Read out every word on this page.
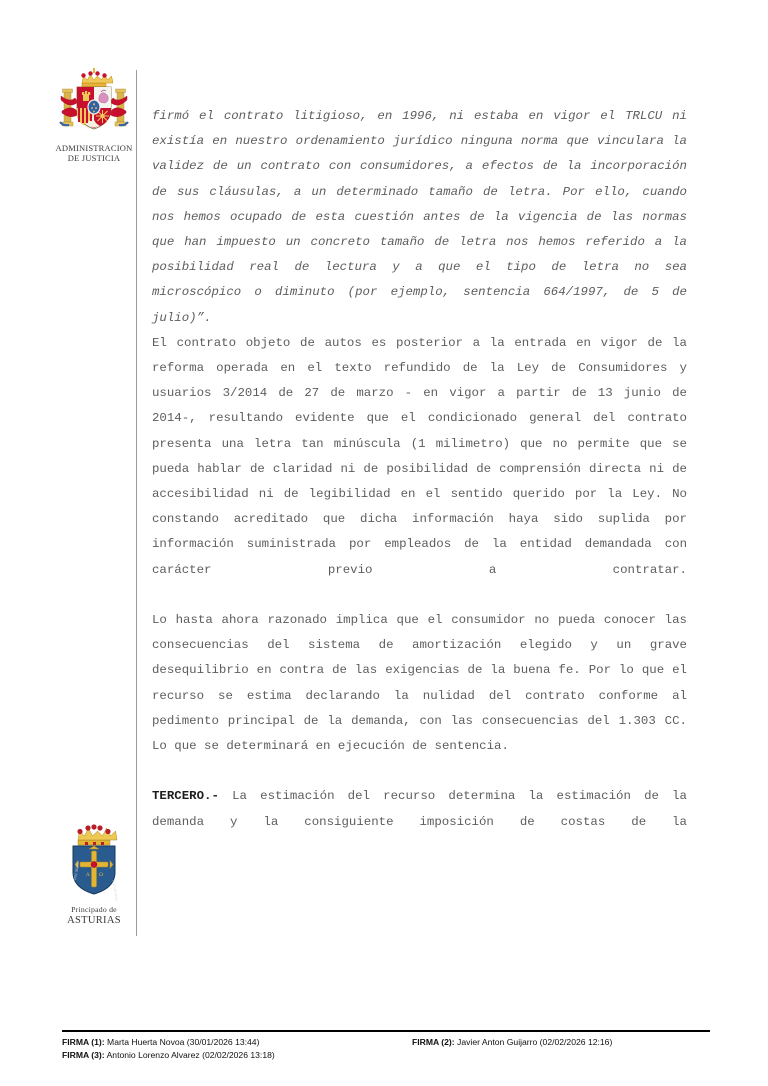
ADMINISTRACION
DE JUSTICIA
A Ω
HOC SIGNO
TUETUR PIUS
Principado de
ASTURIAS

firmó el contrato litigioso, en 1996, ni estaba en vigor el TRLCU ni existía en nuestro ordenamiento jurídico ninguna norma que vinculara la validez de un contrato con consumidores, a efectos de la incorporación de sus cláusulas, a un determinado tamaño de letra. Por ello, cuando nos hemos ocupado de esta cuestión antes de la vigencia de las normas que han impuesto un concreto tamaño de letra nos hemos referido a la posibilidad real de lectura y a que el tipo de letra no sea microscópico o diminuto (por ejemplo, sentencia 664/1997, de 5 de julio)”.

El contrato objeto de autos es posterior a la entrada en vigor de la reforma operada en el texto refundido de la Ley de Consumidores y usuarios 3/2014 de 27 de marzo - en vigor a partir de 13 junio de 2014-, resultando evidente que el condicionado general del contrato presenta una letra tan minúscula (1 milimetro) que no permite que se pueda hablar de claridad ni de posibilidad de comprensión directa ni de accesibilidad ni de legibilidad en el sentido querido por la Ley. No constando acreditado que dicha información haya sido suplida por información suministrada por empleados de la entidad demandada con carácter previo a contratar.

Lo hasta ahora razonado implica que el consumidor no pueda conocer las consecuencias del sistema de amortización elegido y un grave desequilibrio en contra de las exigencias de la buena fe. Por lo que el recurso se estima declarando la nulidad del contrato conforme al pedimento principal de la demanda, con las consecuencias del 1.303 CC. Lo que se determinará en ejecución de sentencia.

TERCERO.- La estimación del recurso determina la estimación de la demanda y la consiguiente imposición de costas de la

FIRMA (1): Marta Huerta Novoa (30/01/2026 13:44)	FIRMA (2): Javier Anton Guijarro (02/02/2026 12:16)
FIRMA (3): Antonio Lorenzo Alvarez (02/02/2026 13:18)
